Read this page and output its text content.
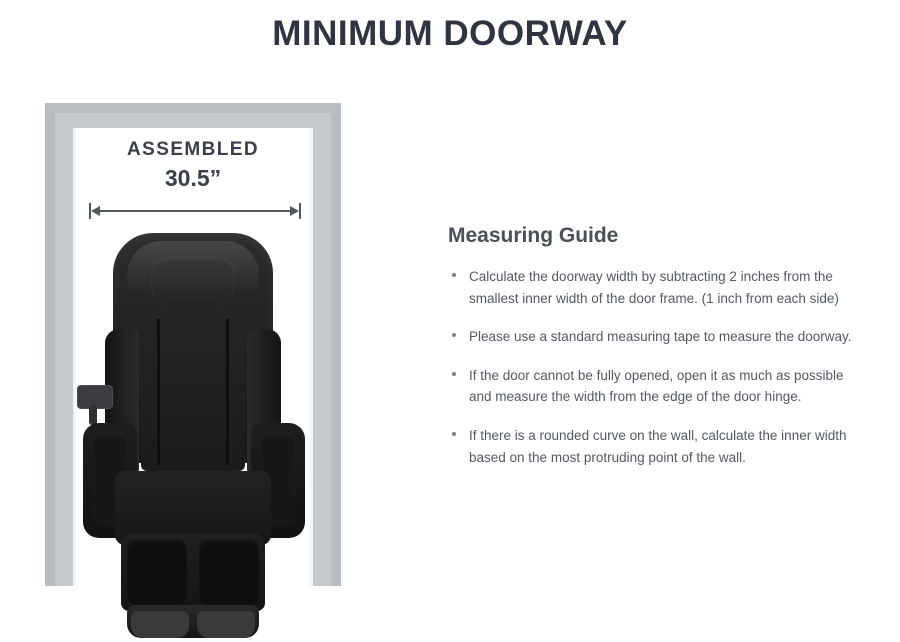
MINIMUM DOORWAY
ASSEMBLED
30.5”
Measuring Guide
Calculate the doorway width by subtracting 2 inches from the smallest inner width of the door frame. (1 inch from each side)
Please use a standard measuring tape to measure the doorway.
If the door cannot be fully opened, open it as much as possible and measure the width from the edge of the door hinge.
If there is a rounded curve on the wall, calculate the inner width based on the most protruding point of the wall.
